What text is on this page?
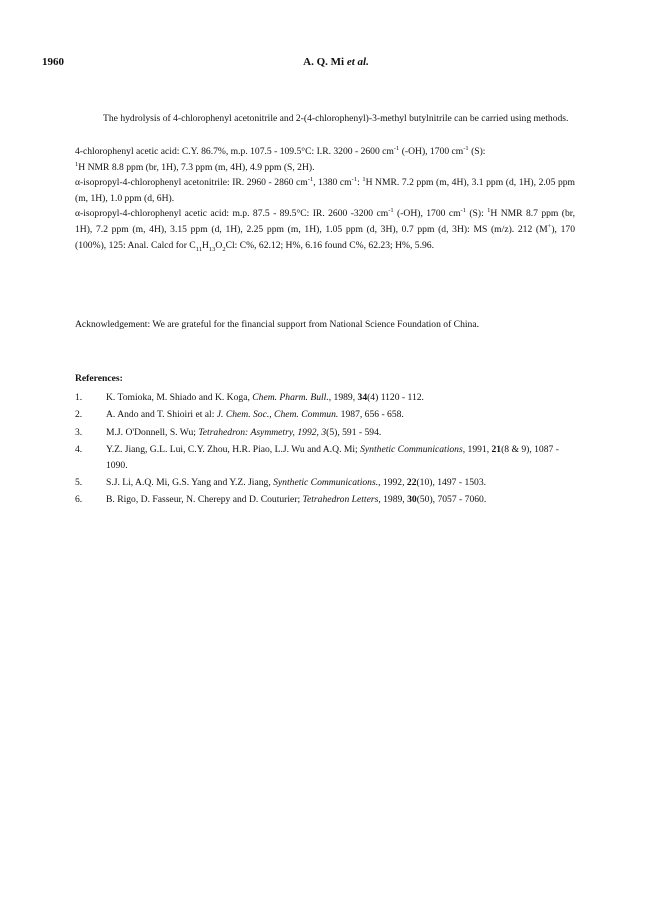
1960	A. Q. Mi et al.
The hydrolysis of 4-chlorophenyl acetonitrile and 2-(4-chlorophenyl)-3-methyl butylnitrile can be carried using methods.

4-chlorophenyl acetic acid: C.Y. 86.7%, m.p. 107.5 - 109.5°C: I.R. 3200 - 2600 $cm^{-1}$ (-OH), 1700 $cm^{-1}$ (S):

$^1$H NMR 8.8 ppm (br, 1H), 7.3 ppm (m, 4H), 4.9 ppm (S, 2H).

α-isopropyl-4-chlorophenyl acetonitrile: IR. 2960 - 2860 $cm^{-1}$, 1380 $cm^{-1}$: $^1$H NMR. 7.2 ppm (m, 4H), 3.1 ppm (d, 1H), 2.05 ppm (m, 1H), 1.0 ppm (d, 6H).

α-isopropyl-4-chlorophenyl acetic acid: m.p. 87.5 - 89.5°C: IR. 2600 -3200 $cm^{-1}$ (-OH), 1700 $cm^{-1}$ (S): $^1$H NMR 8.7 ppm (br, 1H), 7.2 ppm (m, 4H), 3.15 ppm (d, 1H), 2.25 ppm (m, 1H), 1.05 ppm (d, 3H), 0.7 ppm (d, 3H): MS (m/z). 212 (M+), 170 (100%), 125: Anal. Calcd for $C_{11}H_{13}O_2Cl$: C%, 62.12; H%, 6.16 found C%, 62.23; H%, 5.96.

Acknowledgement: We are grateful for the financial support from National Science Foundation of China.
References:
1. K. Tomioka, M. Shiado and K. Koga, Chem. Pharm. Bull., 1989, 34(4) 1120 - 112.
2. A. Ando and T. Shioiri et al: J. Chem. Soc., Chem. Commun. 1987, 656 - 658.
3. M.J. O'Donnell, S. Wu; Tetrahedron: Asymmetry, 1992, 3(5), 591 - 594.
4. Y.Z. Jiang, G.L. Lui, C.Y. Zhou, H.R. Piao, L.J. Wu and A.Q. Mi; Synthetic Communications, 1991, 21(8 & 9), 1087 - 1090.
5. S.J. Li, A.Q. Mi, G.S. Yang and Y.Z. Jiang, Synthetic Communications., 1992, 22(10), 1497 - 1503.
6. B. Rigo, D. Fasseur, N. Cherepy and D. Couturier; Tetrahedron Letters, 1989, 30(50), 7057 - 7060.
